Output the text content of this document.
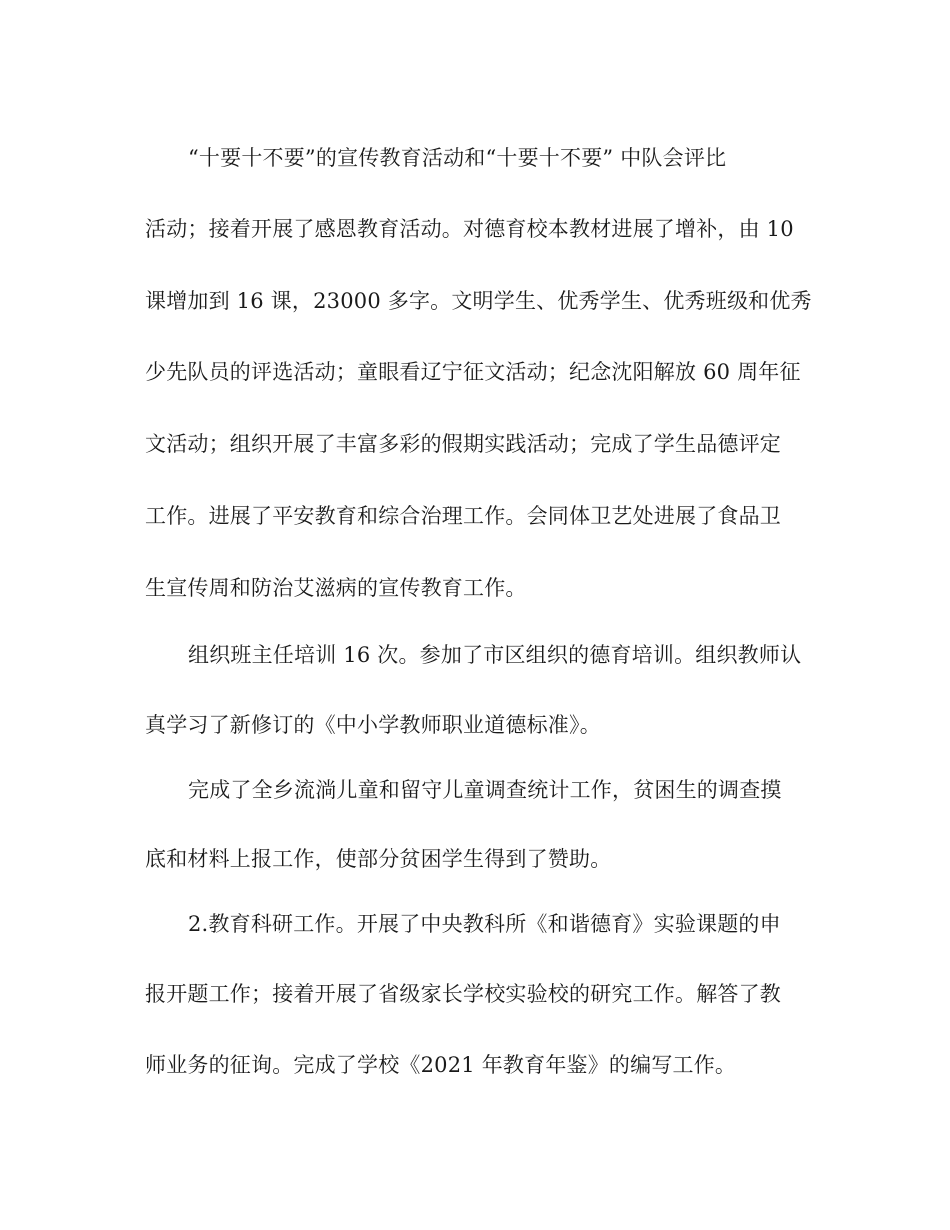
“十要十不要”的宣传教育活动和“十要十不要” 中队会评比
活动；接着开展了感恩教育活动。对德育校本教材进展了增补，由 10
课增加到 16 课，23000 多字。文明学生、优秀学生、优秀班级和优秀
少先队员的评选活动；童眼看辽宁征文活动；纪念沈阳解放 60 周年征
文活动；组织开展了丰富多彩的假期实践活动；完成了学生品德评定
工作。进展了平安教育和综合治理工作。会同体卫艺处进展了食品卫
生宣传周和防治艾滋病的宣传教育工作。
组织班主任培训 16 次。参加了市区组织的德育培训。组织教师认
真学习了新修订的《中小学教师职业道德标准》。
完成了全乡流淌儿童和留守儿童调查统计工作，贫困生的调查摸
底和材料上报工作，使部分贫困学生得到了赞助。
2.教育科研工作。开展了中央教科所《和谐德育》实验课题的申
报开题工作；接着开展了省级家长学校实验校的研究工作。解答了教
师业务的征询。完成了学校《2021 年教育年鉴》的编写工作。
